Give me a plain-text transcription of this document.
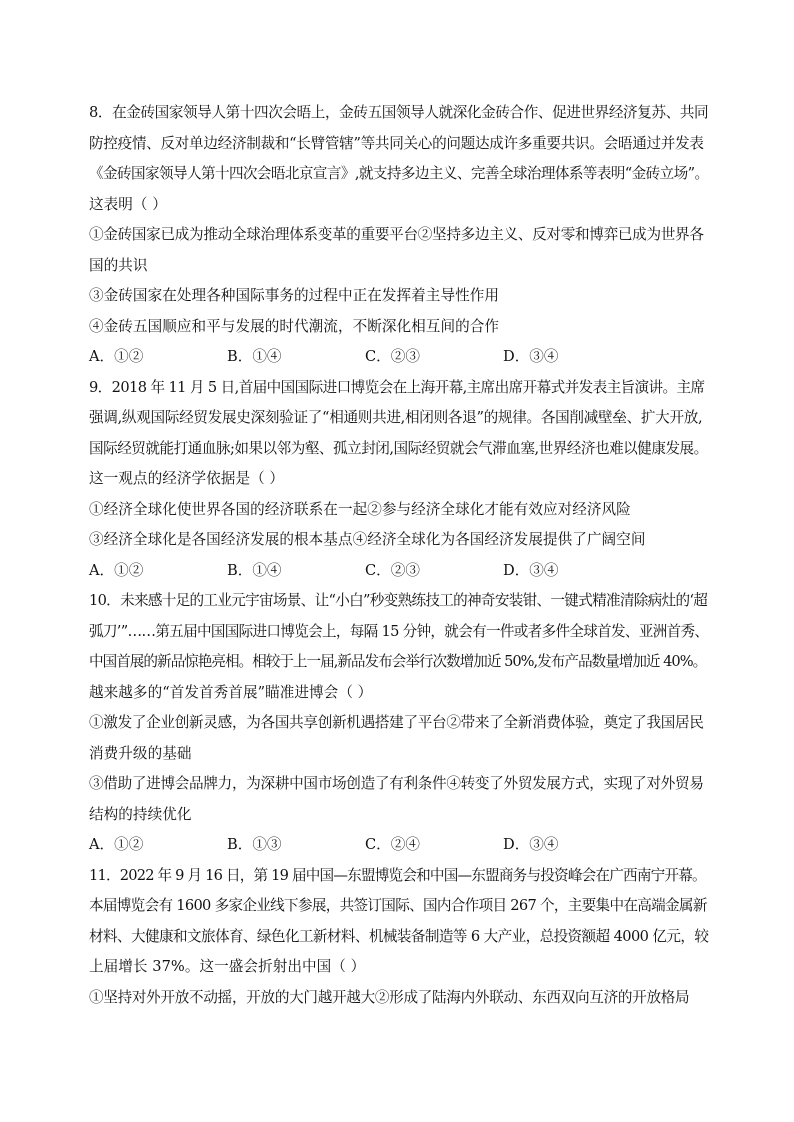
8．在金砖国家领导人第十四次会晤上，金砖五国领导人就深化金砖合作、促进世界经济复苏、共同
防控疫情、反对单边经济制裁和“长臂管辖”等共同关心的问题达成许多重要共识。会晤通过并发表
《金砖国家领导人第十四次会晤北京宣言》,就支持多边主义、完善全球治理体系等表明“金砖立场”。
这表明（ ）
①金砖国家已成为推动全球治理体系变革的重要平台②坚持多边主义、反对零和博弈已成为世界各
国的共识
③金砖国家在处理各种国际事务的过程中正在发挥着主导性作用
④金砖五国顺应和平与发展的时代潮流，不断深化相互间的合作
A．①②	B．①④	C．②③	D．③④
9．2018 年 11 月 5 日,首届中国国际进口博览会在上海开幕,主席出席开幕式并发表主旨演讲。主席
强调,纵观国际经贸发展史深刻验证了“相通则共进,相闭则各退”的规律。各国削减壁垒、扩大开放,
国际经贸就能打通血脉;如果以邻为壑、孤立封闭,国际经贸就会气滞血塞,世界经济也难以健康发展。
这一观点的经济学依据是（ ）
①经济全球化使世界各国的经济联系在一起②参与经济全球化才能有效应对经济风险
③经济全球化是各国经济发展的根本基点④经济全球化为各国经济发展提供了广阔空间
A．①②	B．①④	C．②③	D．③④
10．未来感十足的工业元宇宙场景、让“小白”秒变熟练技工的神奇安装钳、一键式精准清除病灶的‘超
弧刀’”……第五届中国国际进口博览会上，每隔 15 分钟，就会有一件或者多件全球首发、亚洲首秀、
中国首展的新品惊艳亮相。相较于上一届,新品发布会举行次数增加近 50%,发布产品数量增加近 40%。
越来越多的“首发首秀首展”瞄准进博会（ ）
①激发了企业创新灵感，为各国共享创新机遇搭建了平台②带来了全新消费体验，奠定了我国居民
消费升级的基础
③借助了进博会品牌力，为深耕中国市场创造了有利条件④转变了外贸发展方式，实现了对外贸易
结构的持续优化
A．①②	B．①③	C．②④	D．③④
11．2022 年 9 月 16 日，第 19 届中国—东盟博览会和中国—东盟商务与投资峰会在广西南宁开幕。
本届博览会有 1600 多家企业线下参展，共签订国际、国内合作项目 267 个，主要集中在高端金属新
材料、大健康和文旅体育、绿色化工新材料、机械装备制造等 6 大产业，总投资额超 4000 亿元，较
上届增长 37%。这一盛会折射出中国（ ）
①坚持对外开放不动摇，开放的大门越开越大②形成了陆海内外联动、东西双向互济的开放格局
